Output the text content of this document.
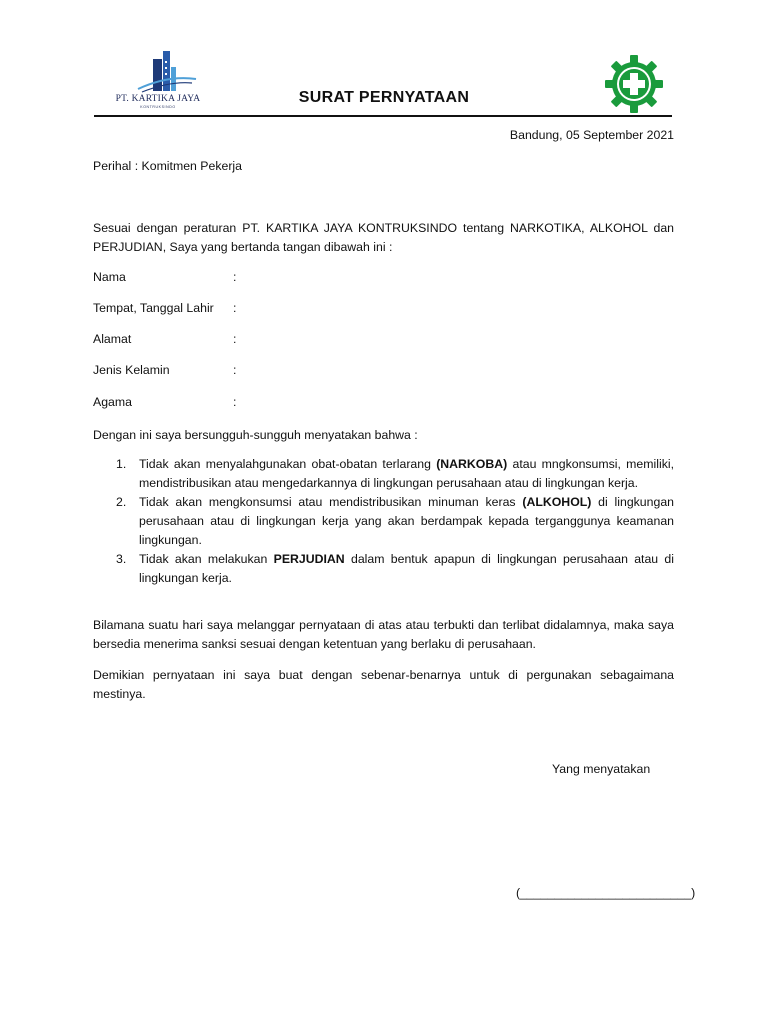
PT. KARTIKA JAYA
KONTRUKSINDO
SURAT PERNYATAAN
Bandung, 05 September 2021
Perihal : Komitmen Pekerja
Sesuai dengan peraturan PT. KARTIKA JAYA KONTRUKSINDO tentang NARKOTIKA, ALKOHOL dan PERJUDIAN, Saya yang bertanda tangan dibawah ini :
Nama	:
Tempat, Tanggal Lahir :
Alamat	:
Jenis Kelamin	:
Agama	:
Dengan ini saya bersungguh-sungguh menyatakan bahwa :
1. Tidak akan menyalahgunakan obat-obatan terlarang (NARKOBA) atau mngkonsumsi, memiliki, mendistribusikan atau mengedarkannya di lingkungan perusahaan atau di lingkungan kerja.
2. Tidak akan mengkonsumsi atau mendistribusikan minuman keras (ALKOHOL) di lingkungan perusahaan atau di lingkungan kerja yang akan berdampak kepada terganggunya keamanan lingkungan.
3. Tidak akan melakukan PERJUDIAN dalam bentuk apapun di lingkungan perusahaan atau di lingkungan kerja.
Bilamana suatu hari saya melanggar pernyataan di atas atau terbukti dan terlibat didalamnya, maka saya bersedia menerima sanksi sesuai dengan ketentuan yang berlaku di perusahaan.
Demikian pernyataan ini saya buat dengan sebenar-benarnya untuk di pergunakan sebagaimana mestinya.
Yang menyatakan
(_________________________)
